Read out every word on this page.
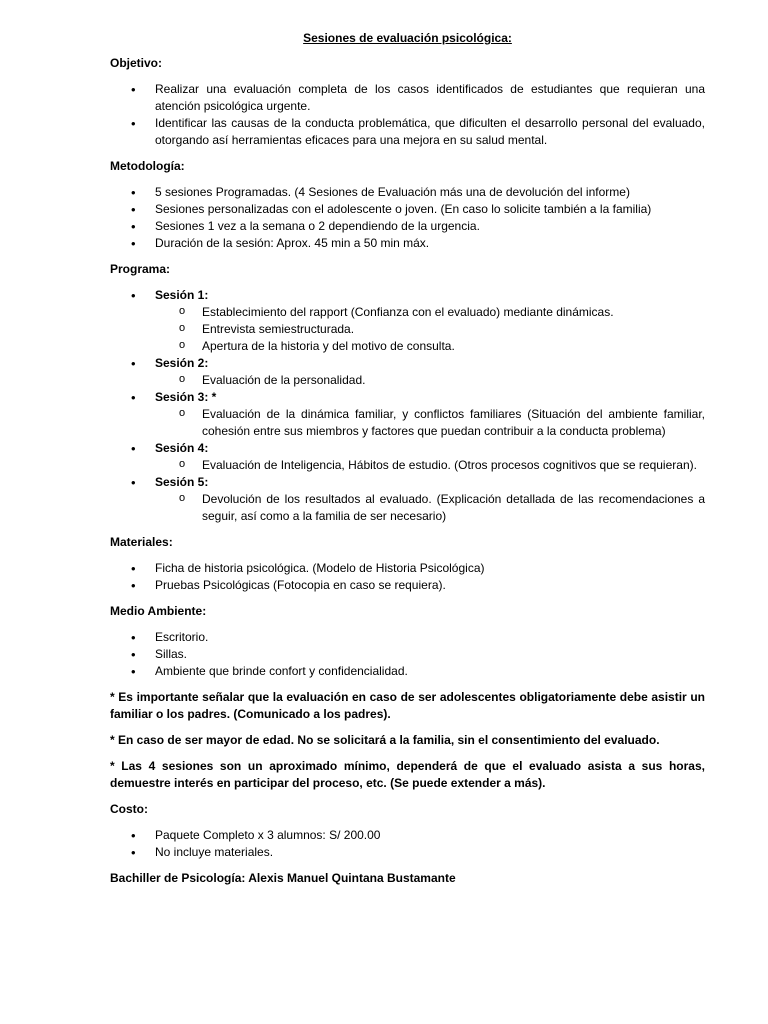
Sesiones de evaluación psicológica:

Objetivo:

• Realizar una evaluación completa de los casos identificados de estudiantes que requieran una atención psicológica urgente.
• Identificar las causas de la conducta problemática, que dificulten el desarrollo personal del evaluado, otorgando así herramientas eficaces para una mejora en su salud mental.

Metodología:

• 5 sesiones Programadas. (4 Sesiones de Evaluación más una de devolución del informe)
• Sesiones personalizadas con el adolescente o joven. (En caso lo solicite también a la familia)
• Sesiones 1 vez a la semana o 2 dependiendo de la urgencia.
• Duración de la sesión: Aprox. 45 min a 50 min máx.

Programa:

• Sesión 1:
o Establecimiento del rapport (Confianza con el evaluado) mediante dinámicas.
o Entrevista semiestructurada.
o Apertura de la historia y del motivo de consulta.
• Sesión 2:
o Evaluación de la personalidad.
• Sesión 3: *
o Evaluación de la dinámica familiar, y conflictos familiares (Situación del ambiente familiar, cohesión entre sus miembros y factores que puedan contribuir a la conducta problema)
• Sesión 4:
o Evaluación de Inteligencia, Hábitos de estudio. (Otros procesos cognitivos que se requieran).
• Sesión 5:
o Devolución de los resultados al evaluado. (Explicación detallada de las recomendaciones a seguir, así como a la familia de ser necesario)

Materiales:

• Ficha de historia psicológica. (Modelo de Historia Psicológica)
• Pruebas Psicológicas (Fotocopia en caso se requiera).

Medio Ambiente:

• Escritorio.
• Sillas.
• Ambiente que brinde confort y confidencialidad.

* Es importante señalar que la evaluación en caso de ser adolescentes obligatoriamente debe asistir un familiar o los padres. (Comunicado a los padres).

* En caso de ser mayor de edad. No se solicitará a la familia, sin el consentimiento del evaluado.

* Las 4 sesiones son un aproximado mínimo, dependerá de que el evaluado asista a sus horas, demuestre interés en participar del proceso, etc. (Se puede extender a más).

Costo:

• Paquete Completo x 3 alumnos: S/ 200.00
• No incluye materiales.

Bachiller de Psicología: Alexis Manuel Quintana Bustamante
